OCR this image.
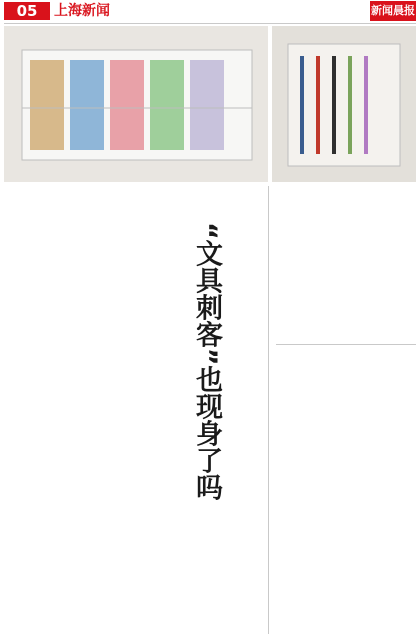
05	上海新闻	新闻晨报
“文具刺客”也现身了吗
